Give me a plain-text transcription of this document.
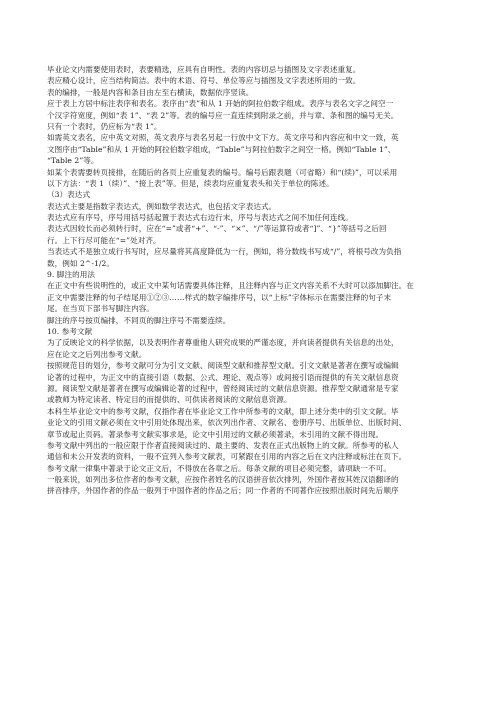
毕业论文内需要使用表时，表要精选，应具有自明性。表的内容切忌与插图及文字表述重复。
表应精心设计，应当结构简洁。表中的术语、符号、单位等应与插图及文字表述所用的一致。
表的编排，一般是内容和条目由左至右横读，数据依序竖读。
应于表上方居中标注表序和表名。表序由“表”和从 1 开始的阿拉伯数字组成。表序与表名文字之间空一
个汉字符宽度，例如“表 1”、“表 2”等。表的编号应一直连续到附录之前，并与章、条和图的编号无关。
只有一个表时，仍应标为“表 1”。
如需英文表名，应中英文对照，英文表序与表名另起一行放中文下方。英文序号和内容应和中文一致，英
文图序由“Table”和从 1 开始的阿拉伯数字组成，“Table”与阿拉伯数字之间空一格。例如“Table 1”、
“Table 2”等。
如某个表需要转页接排，在随后的各页上应重复表的编号。编号后跟表题（可省略）和“(续)”，可以采用
以下方法：“表 1（续）”、“接上表”等。但是，续表均应重复表头和关于单位的陈述。
（3）表达式
表达式主要是指数字表达式，例如数学表达式，也包括文字表达式。
表达式应有序号，序号用括号括起置于表达式右边行末，序号与表达式之间不加任何连线。
表达式因较长而必须转行时，应在“=”或者“+”、“-”、“×”、“/”等运算符或者“]”、“}”等括号之后回
行。上下行尽可能在“=”处对齐。
当表达式不是独立成行书写时，应尽量将其高度降低为一行，例如，将分数线书写成“/”，将根号改为负指
数，例如 2^-1/2。
9. 脚注的用法
在正文中有些说明性的，或正文中某句话需要具体注释，且注释内容与正文内容关系不大时可以添加脚注。在
正文中需要注释的句子结尾用①②③……样式的数字编排序号，以“上标”字体标示在需要注释的句子末
尾。在当页下部书写脚注内容。
脚注的序号按页编排，不同页的脚注序号不需要连续。
10. 参考文献
为了反映论文的科学依据，以及表明作者尊重他人研究成果的严谨态度，并向读者提供有关信息的出处，
应在论文之后列出参考文献。
按照规范目的划分，参考文献可分为引文文献、阅读型文献和推荐型文献。引文文献是著者在撰写或编辑
论著的过程中，为正文中的直接引语（数据、公式、理论、观点等）或间接引语而提供的有关文献信息资
源。阅读型文献是著者在撰写或编辑论著的过程中，曾经阅读过的文献信息资源。推荐型文献通常是专家
或教师为特定读者、特定目的而提供的、可供读者阅读的文献信息资源。
本科生毕业论文中的参考文献，仅指作者在毕业论文工作中所参考的文献，即上述分类中的引文文献。毕
业论文的引用文献必须在文中引用处体现出来，依次列出作者、文献名、卷册序号、出版单位、出版时间、
章节或起止页码。著录参考文献实事求是，论文中引用过的文献必须著录，未引用的文献不得出现。
参考文献中列出的一般应限于作者直接阅读过的、最主要的、发表在正式出版物上的文献。所参考的私人
通信和未公开发表的资料，一般不宜列入参考文献表，可紧跟在引用的内容之后在文内注释或标注在页下。
参考文献一律集中著录于论文正文后，不得放在各章之后。每条文献的项目必须完整，请项缺一不可。
一般来说，如列出多位作者的参考文献，应按作者姓名的汉语拼音依次排列，外国作者按其姓汉语翻译的
拼音排序，外国作者的作品一般列于中国作者的作品之后；同一作者的不同著作应按照出版时间先后顺序
